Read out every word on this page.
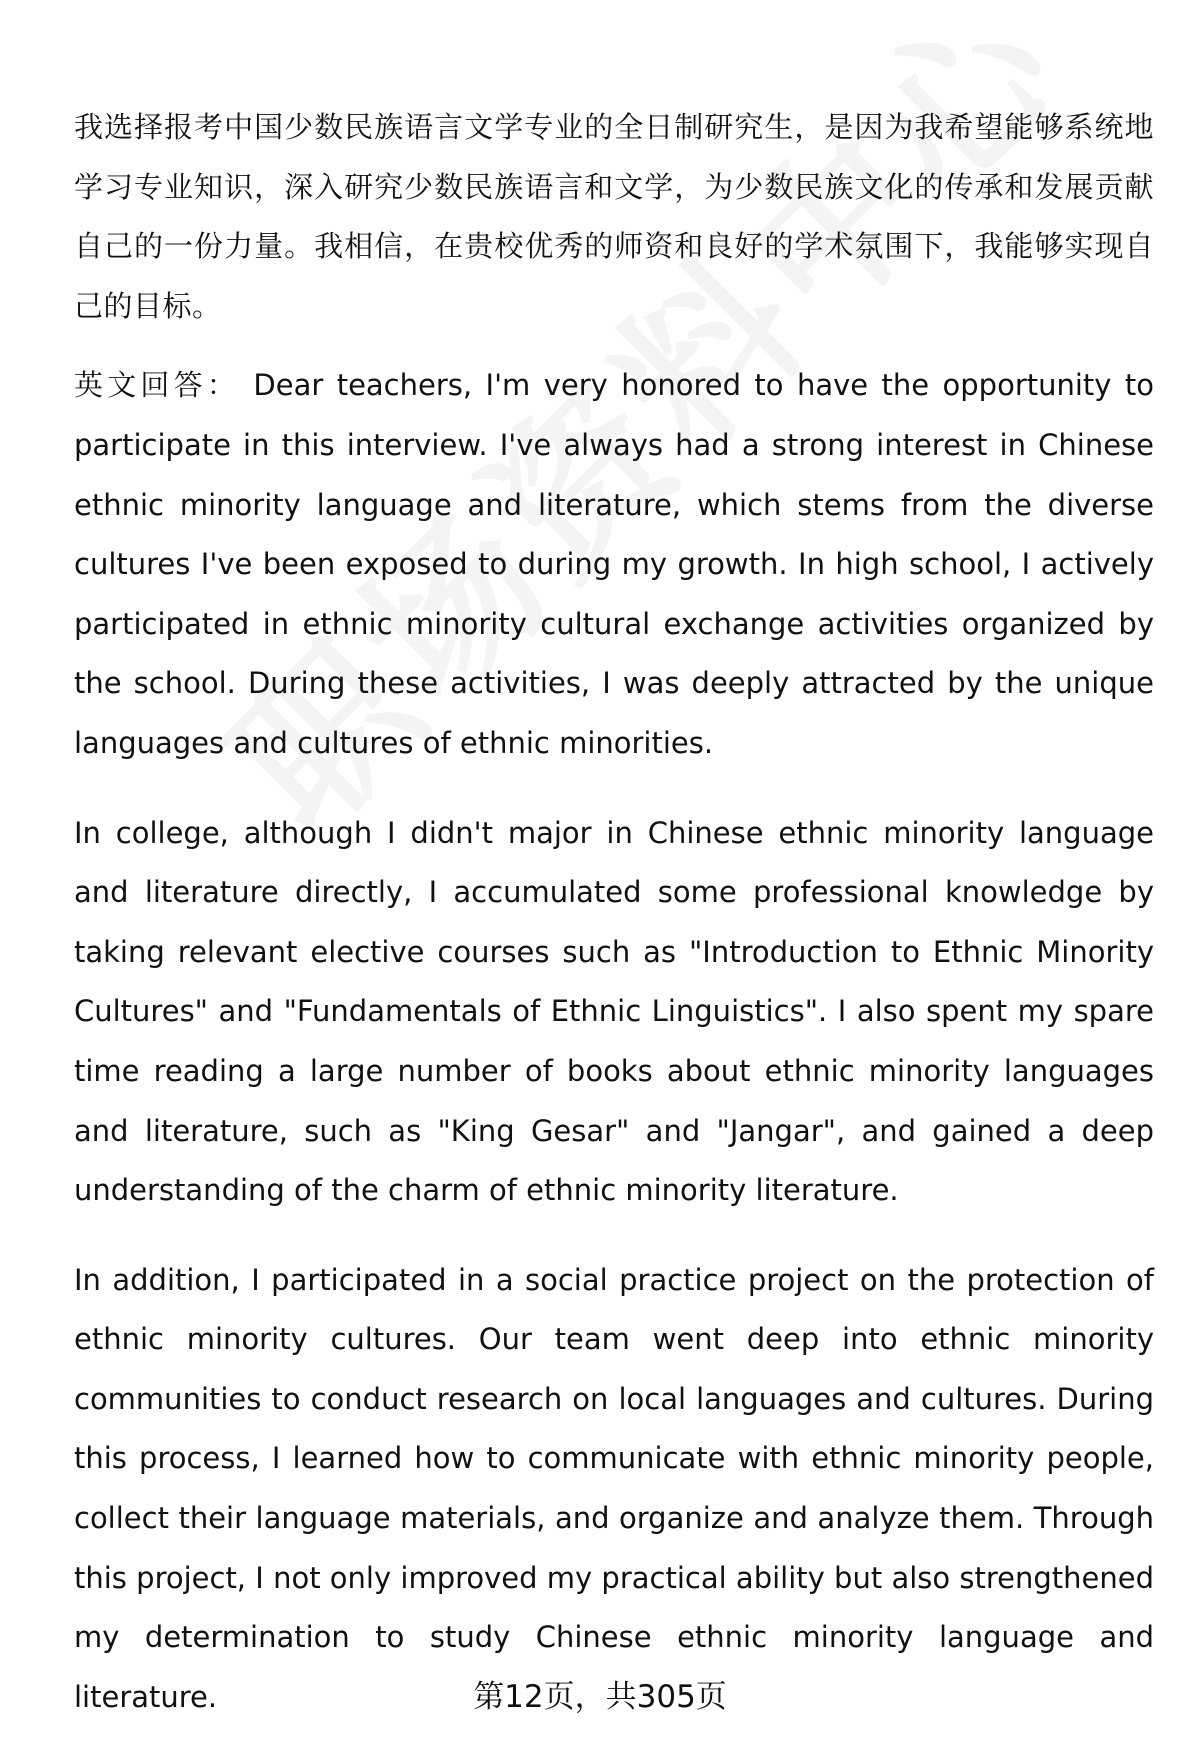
我选择报考中国少数民族语言文学专业的全日制研究生，是因为我希望能够系统地学习专业知识，深入研究少数民族语言和文学，为少数民族文化的传承和发展贡献自己的一份力量。我相信，在贵校优秀的师资和良好的学术氛围下，我能够实现自己的目标。

英文回答： Dear teachers, I'm very honored to have the opportunity to participate in this interview. I've always had a strong interest in Chinese ethnic minority language and literature, which stems from the diverse cultures I've been exposed to during my growth. In high school, I actively participated in ethnic minority cultural exchange activities organized by the school. During these activities, I was deeply attracted by the unique languages and cultures of ethnic minorities.

In college, although I didn't major in Chinese ethnic minority language and literature directly, I accumulated some professional knowledge by taking relevant elective courses such as "Introduction to Ethnic Minority Cultures" and "Fundamentals of Ethnic Linguistics". I also spent my spare time reading a large number of books about ethnic minority languages and literature, such as "King Gesar" and "Jangar", and gained a deep understanding of the charm of ethnic minority literature.

In addition, I participated in a social practice project on the protection of ethnic minority cultures. Our team went deep into ethnic minority communities to conduct research on local languages and cultures. During this process, I learned how to communicate with ethnic minority people, collect their language materials, and organize and analyze them. Through this project, I not only improved my practical ability but also strengthened my determination to study Chinese ethnic minority language and literature.	第12页，共305页
